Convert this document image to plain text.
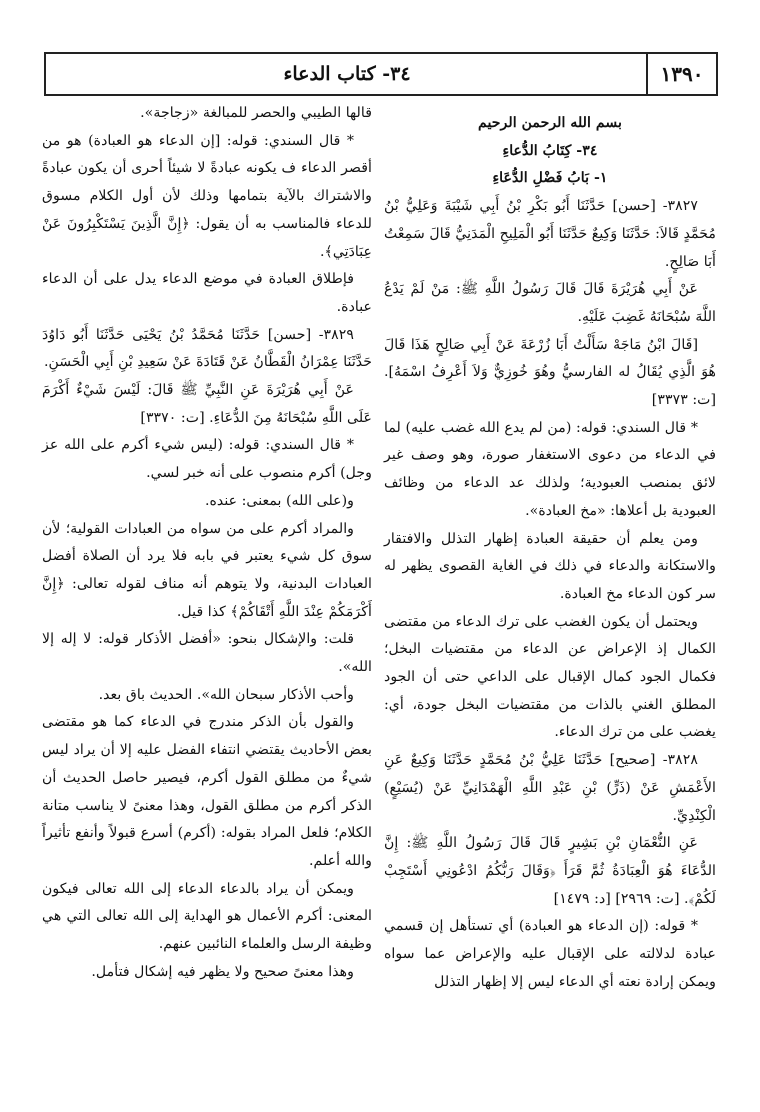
١٣٩٠
٣٤- كتاب الدعاء

بسم الله الرحمن الرحيم

٣٤- كِتَابُ الدُّعاءِ

١- بَابُ فَضْلِ الدُّعَاءِ

٣٨٢٧- [حسن] حَدَّثَنَا أَبُو بَكْرِ بْنُ أَبِي شَيْبَةَ وَعَلِيُّ بْنُ مُحَمَّدٍ قَالاَ: حَدَّثَنَا وَكِيعٌ حَدَّثَنَا أَبُو الْمَلِيحِ الْمَدَنِيُّ قَالَ سَمِعْتُ أَبَا صَالِحٍ.

عَنْ أَبِي هُرَيْرَةَ قَالَ قَالَ رَسُولُ اللَّهِ ﷺ: مَنْ لَمْ يَدْعُ اللَّهَ سُبْحَانَهُ غَضِبَ عَلَيْهِ.

[قَالَ ابْنُ مَاجَهْ سَأَلْتُ أَبَا زُرْعَةَ عَنْ أَبِي صَالِحٍ هَذَا قَالَ هُوَ الَّذِي يُقَالُ له الفارسيُّ وهُوَ خُوزِيٌّ وَلاَ أَعْرِفُ اسْمَهُ]. [ت: ٣٣٧٣]

* قال السندي: قوله: (من لم يدع الله غضب عليه) لما في الدعاء من دعوى الاستغفار صورة، وهو وصف غير لائق بمنصب العبودية؛ ولذلك عد الدعاء من وظائف العبودية بل أعلاها: «مخ العبادة».

ومن يعلم أن حقيقة العبادة إظهار التذلل والافتقار والاستكانة والدعاء في ذلك في الغاية القصوى يظهر له سر كون الدعاء مخ العبادة.

ويحتمل أن يكون الغضب على ترك الدعاء من مقتضى الكمال إذ الإعراض عن الدعاء من مقتضيات البخل؛ فكمال الجود كمال الإقبال على الداعي حتى أن الجود المطلق الغني بالذات من مقتضيات البخل جودة، أي: يغضب على من ترك الدعاء.

٣٨٢٨- [صحيح] حَدَّثَنَا عَلِيُّ بْنُ مُحَمَّدٍ حَدَّثَنَا وَكِيعٌ عَنِ الأَعْمَشِ عَنْ (ذَرٍّ) بْنِ عَبْدِ اللَّهِ الْهَمْدَانِيِّ عَنْ (يُسَيْعٍ) الْكِنْدِيِّ.

عَنِ النُّعْمَانِ بْنِ بَشِيرٍ قَالَ قَالَ رَسُولُ اللَّهِ ﷺ: إِنَّ الدُّعَاءَ هُوَ الْعِبَادَةُ ثُمَّ قَرَأَ ﴿وَقَالَ رَبُّكُمُ ادْعُونِي أَسْتَجِبْ لَكُمْ﴾. [ت: ٢٩٦٩] [د: ١٤٧٩]

* قوله: (إن الدعاء هو العبادة) أي تستأهل إن قسمي عبادة لدلالته على الإقبال عليه والإعراض عما سواه ويمكن إرادة نعته أي الدعاء ليس إلا إظهار التذلل

قالها الطيبي والحصر للمبالغة «زجاجة».

* قال السندي: قوله: [إن الدعاء هو العبادة) هو من أقصر الدعاء ف يكونه عبادةً لا شيئاً أحرى أن يكون عبادةً والاشتراك بالآية بتمامها وذلك لأن أول الكلام مسوق للدعاء فالمناسب به أن يقول: ﴿إِنَّ الَّذِينَ يَسْتَكْبِرُونَ عَنْ عِبَادَتِي﴾.

فإطلاق العبادة في موضع الدعاء يدل على أن الدعاء عبادة.

٣٨٢٩- [حسن] حَدَّثَنَا مُحَمَّدُ بْنُ يَحْيَى حَدَّثَنَا أَبُو دَاوُدَ حَدَّثَنَا عِمْرَانُ الْقَطَّانُ عَنْ قَتَادَةَ عَنْ سَعِيدِ بْنِ أَبِي الْحَسَنِ.

عَنْ أَبِي هُرَيْرَةَ عَنِ النَّبِيِّ ﷺ قَالَ: لَيْسَ شَيْءٌ أَكْرَمَ عَلَى اللَّهِ سُبْحَانَهُ مِنَ الدُّعَاءِ. [ت: ٣٣٧٠]

* قال السندي: قوله: (ليس شيء أكرم على الله عز وجل) أكرم منصوب على أنه خبر لسي.

و(على الله) بمعنى: عنده.

والمراد أكرم على من سواه من العبادات القولية؛ لأن سوق كل شيء يعتبر في بابه فلا يرد أن الصلاة أفضل العبادات البدنية، ولا يتوهم أنه مناف لقوله تعالى: ﴿إِنَّ أَكْرَمَكُمْ عِنْدَ اللَّهِ أَتْقَاكُمْ﴾ كذا قيل.

قلت: والإشكال بنحو: «أفضل الأذكار قوله: لا إله إلا الله».

وأحب الأذكار سبحان الله». الحديث باق بعد.

والقول بأن الذكر مندرج في الدعاء كما هو مقتضى بعض الأحاديث يقتضي انتفاء الفضل عليه إلا أن يراد ليس شيءٌ من مطلق القول أكرم، فيصير حاصل الحديث أن الذكر أكرم من مطلق القول، وهذا معنىً لا يناسب متانة الكلام؛ فلعل المراد بقوله: (أكرم) أسرع قبولاً وأنفع تأثيراً والله أعلم.

ويمكن أن يراد بالدعاء الدعاء إلى الله تعالى فيكون المعنى: أكرم الأعمال هو الهداية إلى الله تعالى التي هي وظيفة الرسل والعلماء النائبين عنهم.

وهذا معنىً صحيح ولا يظهر فيه إشكال فتأمل.
